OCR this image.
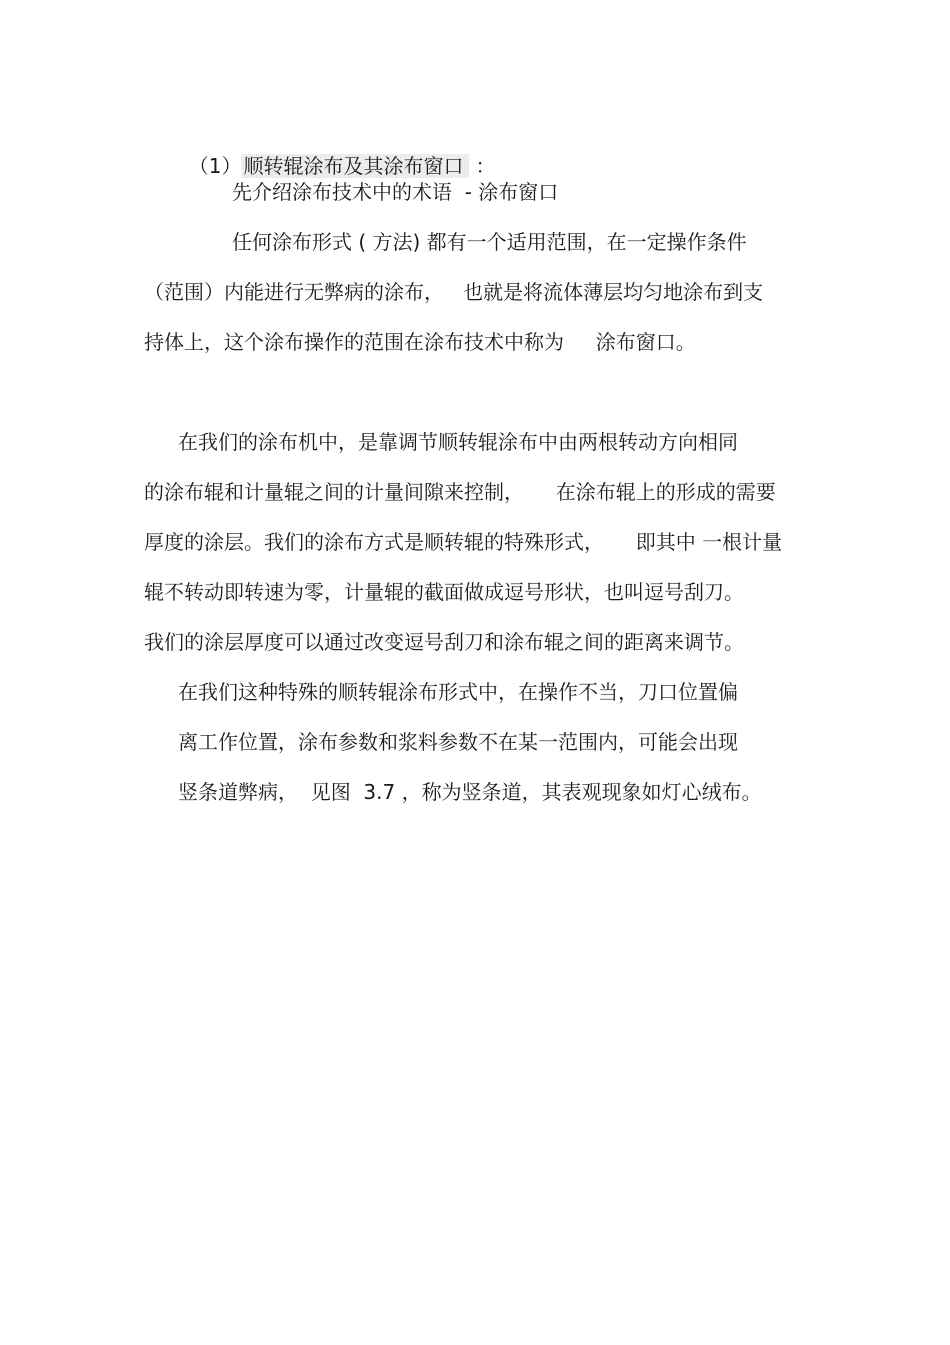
（1） 顺转辊涂布及其涂布窗口 ：

先介绍涂布技术中的术语  - 涂布窗口
任何涂布形式 ( 方法) 都有一个适用范围，在一定操作条件
（范围）内能进行无弊病的涂布，   也就是将流体薄层均匀地涂布到支
持体上，这个涂布操作的范围在涂布技术中称为     涂布窗口。
在我们的涂布机中，是靠调节顺转辊涂布中由两根转动方向相同
的涂布辊和计量辊之间的计量间隙来控制，     在涂布辊上的形成的需要
厚度的涂层。我们的涂布方式是顺转辊的特殊形式，     即其中 一根计量
辊不转动即转速为零，计量辊的截面做成逗号形状，也叫逗号刮刀。
我们的涂层厚度可以通过改变逗号刮刀和涂布辊之间的距离来调节。
在我们这种特殊的顺转辊涂布形式中，在操作不当，刀口位置偏
离工作位置，涂布参数和浆料参数不在某一范围内，可能会出现
竖条道弊病，  见图  3.7 ，称为竖条道，其表观现象如灯心绒布。
